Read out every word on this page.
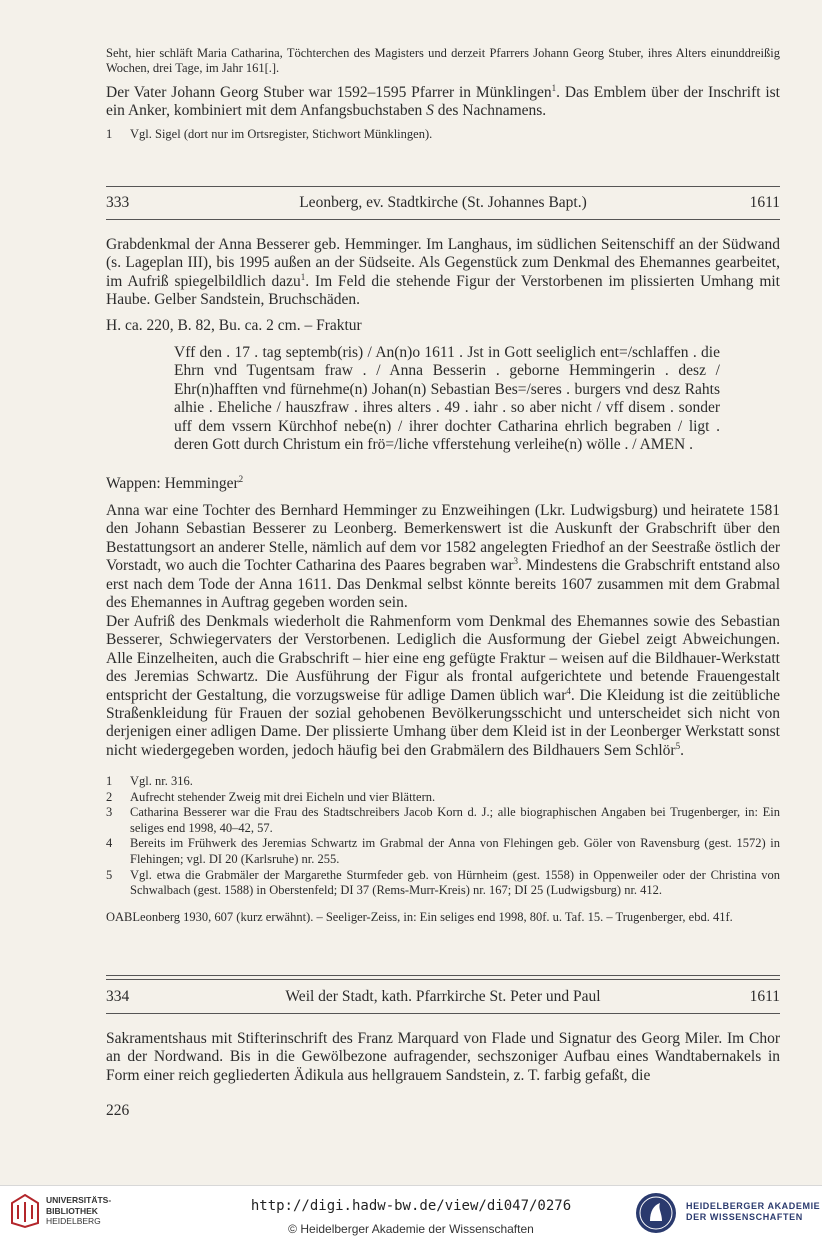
Seht, hier schläft Maria Catharina, Töchterchen des Magisters und derzeit Pfarrers Johann Georg Stuber, ihres Alters einunddreißig Wochen, drei Tage, im Jahr 161[.].

Der Vater Johann Georg Stuber war 1592–1595 Pfarrer in Münklingen$^1$. Das Emblem über der Inschrift ist ein Anker, kombiniert mit dem Anfangsbuchstaben S des Nachnamens.

1	Vgl. Sigel (dort nur im Ortsregister, Stichwort Münklingen).
333	Leonberg, ev. Stadtkirche (St. Johannes Bapt.)	1611

Grabdenkmal der Anna Besserer geb. Hemminger. Im Langhaus, im südlichen Seitenschiff an der Südwand (s. Lageplan III), bis 1995 außen an der Südseite. Als Gegenstück zum Denkmal des Ehemannes gearbeitet, im Aufriß spiegelbildlich dazu$^1$. Im Feld die stehende Figur der Verstorbenen im plissierten Umhang mit Haube. Gelber Sandstein, Bruchschäden.

H. ca. 220, B. 82, Bu. ca. 2 cm. – Fraktur

Vff den . 17 . tag septemb(ris) / An(n)o 1611 . Jst in Gott seeliglich ent=/schlaffen . die Ehrn vnd Tugentsam fraw . / Anna Besserin . geborne Hemmingerin . desz / Ehr(n)hafften vnd fürnehme(n) Johan(n) Sebastian Bes=/seres . burgers vnd desz Rahts alhie . Eheliche / hauszfraw . ihres alters . 49 . iahr . so aber nicht / vff disem . sonder uff dem vssern Kürchhof nebe(n) / ihrer dochter Catharina ehrlich begraben / ligt . deren Gott durch Christum ein frö=/liche vfferstehung verleihe(n) wölle . / AMEN .

Wappen: Hemminger$^2$

Anna war eine Tochter des Bernhard Hemminger zu Enzweihingen (Lkr. Ludwigsburg) und heiratete 1581 den Johann Sebastian Besserer zu Leonberg. Bemerkenswert ist die Auskunft der Grabschrift über den Bestattungsort an anderer Stelle, nämlich auf dem vor 1582 angelegten Friedhof an der Seestraße östlich der Vorstadt, wo auch die Tochter Catharina des Paares begraben war$^3$. Mindestens die Grabschrift entstand also erst nach dem Tode der Anna 1611. Das Denkmal selbst könnte bereits 1607 zusammen mit dem Grabmal des Ehemannes in Auftrag gegeben worden sein.

Der Aufriß des Denkmals wiederholt die Rahmenform vom Denkmal des Ehemannes sowie des Sebastian Besserer, Schwiegervaters der Verstorbenen. Lediglich die Ausformung der Giebel zeigt Abweichungen. Alle Einzelheiten, auch die Grabschrift – hier eine eng gefügte Fraktur – weisen auf die Bildhauer-Werkstatt des Jeremias Schwartz. Die Ausführung der Figur als frontal aufgerichtete und betende Frauengestalt entspricht der Gestaltung, die vorzugsweise für adlige Damen üblich war$^4$. Die Kleidung ist die zeitübliche Straßenkleidung für Frauen der sozial gehobenen Bevölkerungsschicht und unterscheidet sich nicht von derjenigen einer adligen Dame. Der plissierte Umhang über dem Kleid ist in der Leonberger Werkstatt sonst nicht wiedergegeben worden, jedoch häufig bei den Grabmälern des Bildhauers Sem Schlör$^5$.

1	Vgl. nr. 316.
2	Aufrecht stehender Zweig mit drei Eicheln und vier Blättern.
3	Catharina Besserer war die Frau des Stadtschreibers Jacob Korn d. J.; alle biographischen Angaben bei Trugenberger, in: Ein seliges end 1998, 40–42, 57.
4	Bereits im Frühwerk des Jeremias Schwartz im Grabmal der Anna von Flehingen geb. Göler von Ravensburg (gest. 1572) in Flehingen; vgl. DI 20 (Karlsruhe) nr. 255.
5	Vgl. etwa die Grabmäler der Margarethe Sturmfeder geb. von Hürnheim (gest. 1558) in Oppenweiler oder der Christina von Schwalbach (gest. 1588) in Oberstenfeld; DI 37 (Rems-Murr-Kreis) nr. 167; DI 25 (Ludwigsburg) nr. 412.

OABLeonberg 1930, 607 (kurz erwähnt). – Seeliger-Zeiss, in: Ein seliges end 1998, 80f. u. Taf. 15. – Trugenberger, ebd. 41f.

334	Weil der Stadt, kath. Pfarrkirche St. Peter und Paul	1611

Sakramentshaus mit Stifterinschrift des Franz Marquard von Flade und Signatur des Georg Miler. Im Chor an der Nordwand. Bis in die Gewölbezone aufragender, sechszoniger Aufbau eines Wandtabernakels in Form einer reich gegliederten Ädikula aus hellgrauem Sandstein, z. T. farbig gefaßt, die

226
UNIVERSITÄTS-
BIBLIOTHEK
HEIDELBERG
http://digi.hadw-bw.de/view/di047/0276
© Heidelberger Akademie der Wissenschaften
HEIDELBERGER AKADEMIE
DER WISSENSCHAFTEN
